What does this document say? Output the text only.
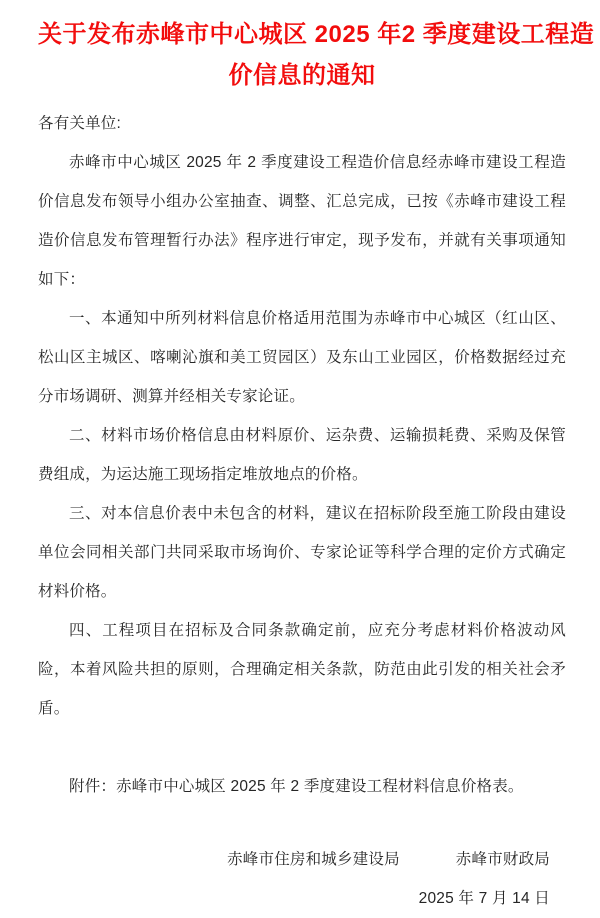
关于发布赤峰市中心城区 2025 年2 季度建设工程造
价信息的通知

各有关单位:

赤峰市中心城区 2025 年 2 季度建设工程造价信息经赤峰市建设工程造价信息发布领导小组办公室抽查、调整、汇总完成，已按《赤峰市建设工程造价信息发布管理暂行办法》程序进行审定，现予发布，并就有关事项通知如下：

一、本通知中所列材料信息价格适用范围为赤峰市中心城区（红山区、松山区主城区、喀喇沁旗和美工贸园区）及东山工业园区，价格数据经过充分市场调研、测算并经相关专家论证。

二、材料市场价格信息由材料原价、运杂费、运输损耗费、采购及保管费组成，为运达施工现场指定堆放地点的价格。

三、对本信息价表中未包含的材料，建议在招标阶段至施工阶段由建设单位会同相关部门共同采取市场询价、专家论证等科学合理的定价方式确定材料价格。

四、工程项目在招标及合同条款确定前，应充分考虑材料价格波动风险，本着风险共担的原则，合理确定相关条款，防范由此引发的相关社会矛盾。

附件：赤峰市中心城区 2025 年 2 季度建设工程材料信息价格表。

赤峰市住房和城乡建设局	赤峰市财政局
2025 年 7 月 14 日
